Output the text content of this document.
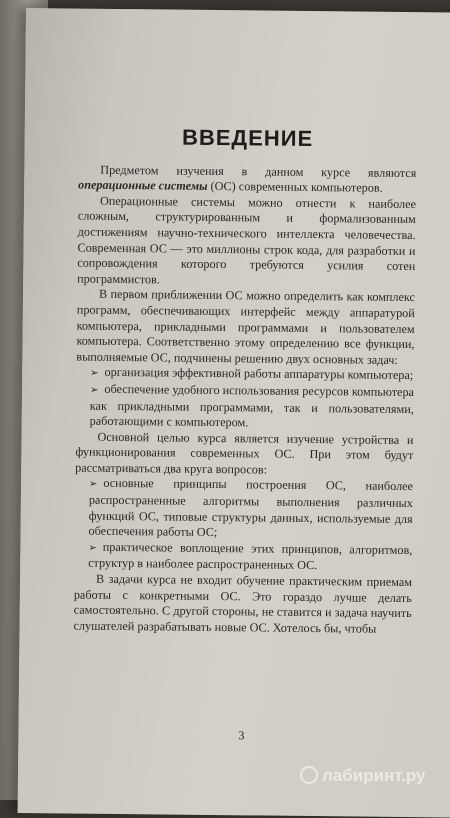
ВВЕДЕНИЕ

Предметом изучения в данном курсе являются операционные системы (ОС) современных компьютеров.

Операционные системы можно отнести к наиболее сложным, структурированным и формализованным достижениям научно-технического интеллекта человечества. Современная ОС — это миллионы строк кода, для разработки и сопровождения которого требуются усилия сотен программистов.

В первом приближении ОС можно определить как комплекс программ, обеспечивающих интерфейс между аппаратурой компьютера, прикладными программами и пользователем компьютера. Соответственно этому определению все функции, выполняемые ОС, подчинены решению двух основных задач:

➢ организация эффективной работы аппаратуры компьютера;
➢ обеспечение удобного использования ресурсов компьютера как прикладными программами, так и пользователями, работающими с компьютером.

Основной целью курса является изучение устройства и функционирования современных ОС. При этом будут рассматриваться два круга вопросов:

➢ основные принципы построения ОС, наиболее распространенные алгоритмы выполнения различных функций ОС, типовые структуры данных, используемые для обеспечения работы ОС;
➢ практическое воплощение этих принципов, алгоритмов, структур в наиболее распространенных ОС.

В задачи курса не входит обучение практическим приемам работы с конкретными ОС. Это гораздо лучше делать самостоятельно. С другой стороны, не ставится и задача научить слушателей разрабатывать новые ОС. Хотелось бы, чтобы

3
лабиринт.ру
